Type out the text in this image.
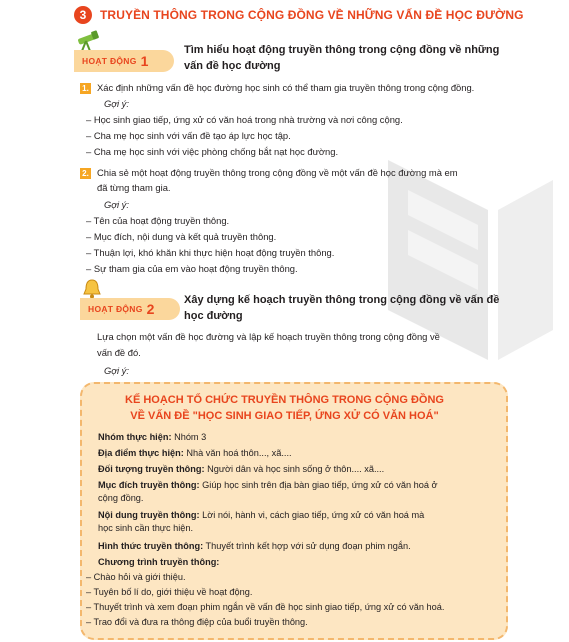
3	TRUYỀN THÔNG TRONG CỘNG ĐỒNG VỀ NHỮNG VẤN ĐỀ HỌC ĐƯỜNG
HOẠT ĐỘNG 1
Tìm hiểu hoạt động truyền thông trong cộng đồng về những
vấn đề học đường
1. Xác định những vấn đề học đường học sinh có thể tham gia truyền thông trong cộng đồng.
Gợi ý:
– Học sinh giao tiếp, ứng xử có văn hoá trong nhà trường và nơi công cộng.
– Cha mẹ học sinh với vấn đề tạo áp lực học tập.
– Cha mẹ học sinh với việc phòng chống bắt nạt học đường.
2. Chia sẻ một hoạt động truyền thông trong cộng đồng về một vấn đề học đường mà em
đã từng tham gia.
Gợi ý:
– Tên của hoạt động truyền thông.
– Mục đích, nội dung và kết quả truyền thông.
– Thuận lợi, khó khăn khi thực hiện hoạt động truyền thông.
– Sự tham gia của em vào hoạt động truyền thông.
HOẠT ĐỘNG 2
Xây dựng kế hoạch truyền thông trong cộng đồng về vấn đề
học đường
Lựa chọn một vấn đề học đường và lập kế hoạch truyền thông trong cộng đồng về
vấn đề đó.
Gợi ý:
KẾ HOẠCH TỔ CHỨC TRUYỀN THÔNG TRONG CỘNG ĐỒNG
VỀ VẤN ĐỀ "HỌC SINH GIAO TIẾP, ỨNG XỬ CÓ VĂN HOÁ"
Nhóm thực hiện: Nhóm 3
Địa điểm thực hiện: Nhà văn hoá thôn..., xã....
Đối tượng truyền thông: Người dân và học sinh sống ở thôn.... xã....
Mục đích truyền thông: Giúp học sinh trên địa bàn giao tiếp, ứng xử có văn hoá ở
cộng đồng.
Nội dung truyền thông: Lời nói, hành vi, cách giao tiếp, ứng xử có văn hoá mà
học sinh cần thực hiện.
Hình thức truyền thông: Thuyết trình kết hợp với sử dụng đoạn phim ngắn.
Chương trình truyền thông:
– Chào hỏi và giới thiệu.
– Tuyên bố lí do, giới thiệu về hoạt động.
– Thuyết trình và xem đoạn phim ngắn về vấn đề học sinh giao tiếp, ứng xử có văn hoá.
– Trao đổi và đưa ra thông điệp của buổi truyền thông.
